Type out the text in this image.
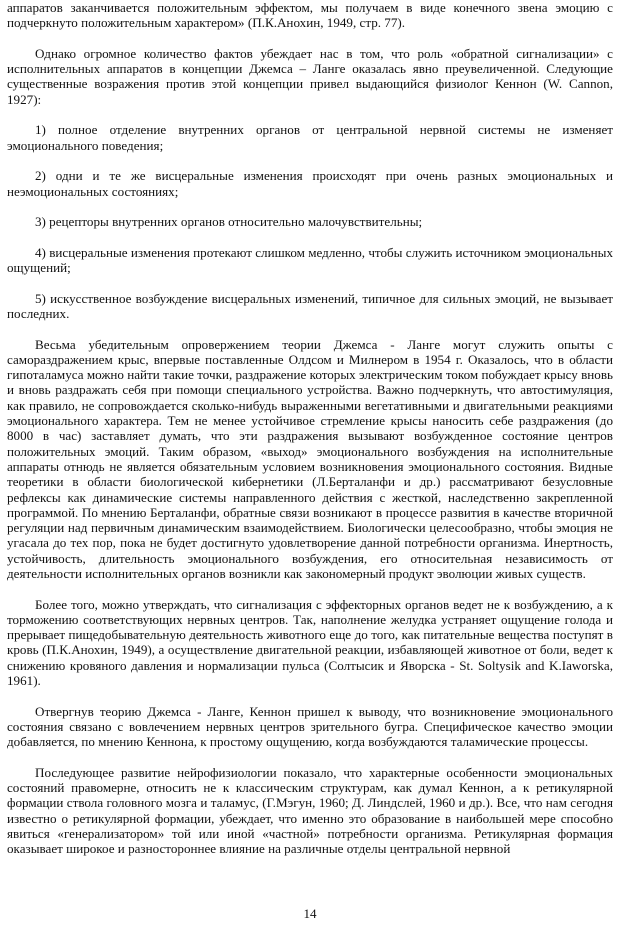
аппаратов заканчивается положительным эффектом, мы получаем в виде конечного звена эмоцию с подчеркнуто положительным характером» (П.К.Анохин, 1949, стр. 77).

Однако огромное количество фактов убеждает нас в том, что роль «обратной сигнализации» с исполнительных аппаратов в концепции Джемса – Ланге оказалась явно преувеличенной. Следующие существенные возражения против этой концепции привел выдающийся физиолог Кеннон (W. Cannon, 1927):

1) полное отделение внутренних органов от центральной нервной системы не изменяет эмоционального поведения;

2) одни и те же висцеральные изменения происходят при очень разных эмоциональных и неэмоциональных состояниях;

3) рецепторы внутренних органов относительно малочувствительны;

4) висцеральные изменения протекают слишком медленно, чтобы служить источником эмоциональных ощущений;

5) искусственное возбуждение висцеральных изменений, типичное для сильных эмоций, не вызывает последних.

Весьма убедительным опровержением теории Джемса - Ланге могут служить опыты с самораздражением крыс, впервые поставленные Олдсом и Милнером в 1954 г. Оказалось, что в области гипоталамуса можно найти такие точки, раздражение которых электрическим током побуждает крысу вновь и вновь раздражать себя при помощи специального устройства. Важно подчеркнуть, что автостимуляция, как правило, не сопровождается сколько-нибудь выраженными вегетативными и двигательными реакциями эмоционального характера. Тем не менее устойчивое стремление крысы наносить себе раздражения (до 8000 в час) заставляет думать, что эти раздражения вызывают возбужденное состояние центров положительных эмоций. Таким образом, «выход» эмоционального возбуждения на исполнительные аппараты отнюдь не является обязательным условием возникновения эмоционального состояния. Видные теоретики в области биологической кибернетики (Л.Берталанфи и др.) рассматривают безусловные рефлексы как динамические системы направленного действия с жесткой, наследственно закрепленной программой. По мнению Берталанфи, обратные связи возникают в процессе развития в качестве вторичной регуляции над первичным динамическим взаимодействием. Биологически целесообразно, чтобы эмоция не угасала до тех пор, пока не будет достигнуто удовлетворение данной потребности организма. Инертность, устойчивость, длительность эмоционального возбуждения, его относительная независимость от деятельности исполнительных органов возникли как закономерный продукт эволюции живых существ.

Более того, можно утверждать, что сигнализация с эффекторных органов ведет не к возбуждению, а к торможению соответствующих нервных центров. Так, наполнение желудка устраняет ощущение голода и прерывает пищедобывательную деятельность животного еще до того, как питательные вещества поступят в кровь (П.К.Анохин, 1949), а осуществление двигательной реакции, избавляющей животное от боли, ведет к снижению кровяного давления и нормализации пульса (Солтысик и Яворска - St. Soltysik and K.Iaworska, 1961).

Отвергнув теорию Джемса - Ланге, Кеннон пришел к выводу, что возникновение эмоционального состояния связано с вовлечением нервных центров зрительного бугра. Специфическое качество эмоции добавляется, по мнению Кеннона, к простому ощущению, когда возбуждаются таламические процессы.

Последующее развитие нейрофизиологии показало, что характерные особенности эмоциональных состояний правомерне, относить не к классическим структурам, как думал Кеннон, а к ретикулярной формации ствола головного мозга и таламус, (Г.Мэгун, 1960; Д. Линдслей, 1960 и др.). Все, что нам сегодня известно о ретикулярной формации, убеждает, что именно это образование в наибольшей мере способно явиться «генерализатором» той или иной «частной» потребности организма. Ретикулярная формация оказывает широкое и разностороннее влияние на различные отделы центральной нервной

14
